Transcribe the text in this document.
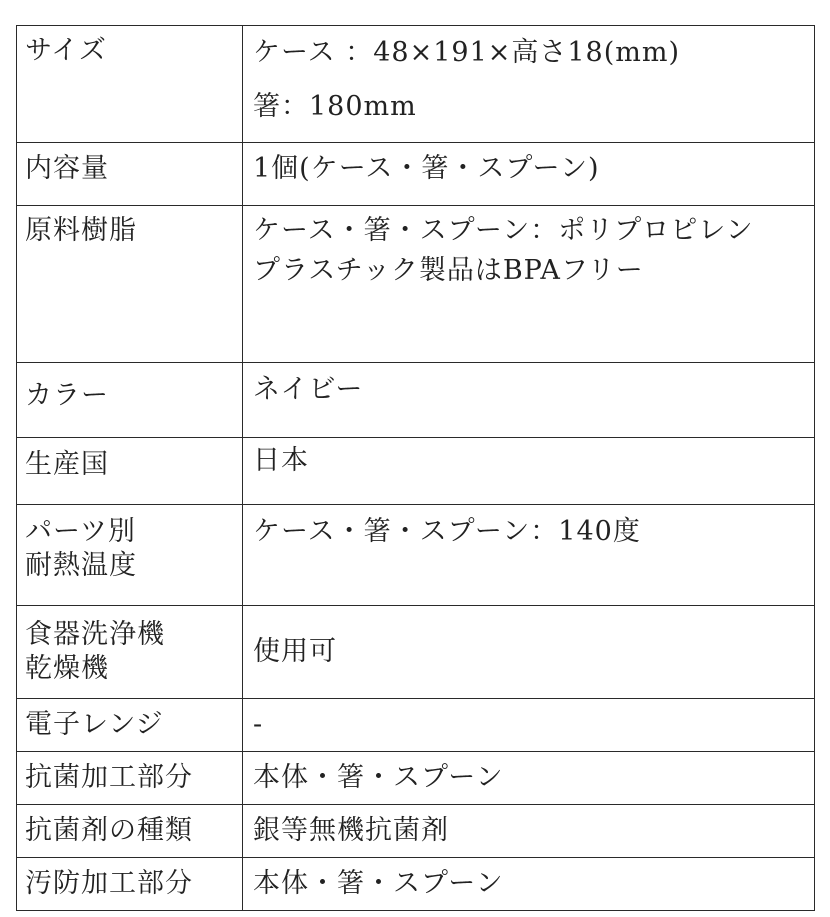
サイズ	ケース ：48×191×高さ18(mm)
箸：180mm

内容量	1個(ケース・箸・スプーン)

原料樹脂	ケース・箸・スプーン：ポリプロピレン
プラスチック製品はBPAフリー

カラー	ネイビー

生産国	日本

パーツ別
耐熱温度	ケース・箸・スプーン：140度

食器洗浄機
乾燥機	使用可

電子レンジ	-

抗菌加工部分	本体・箸・スプーン

抗菌剤の種類	銀等無機抗菌剤

汚防加工部分	本体・箸・スプーン
